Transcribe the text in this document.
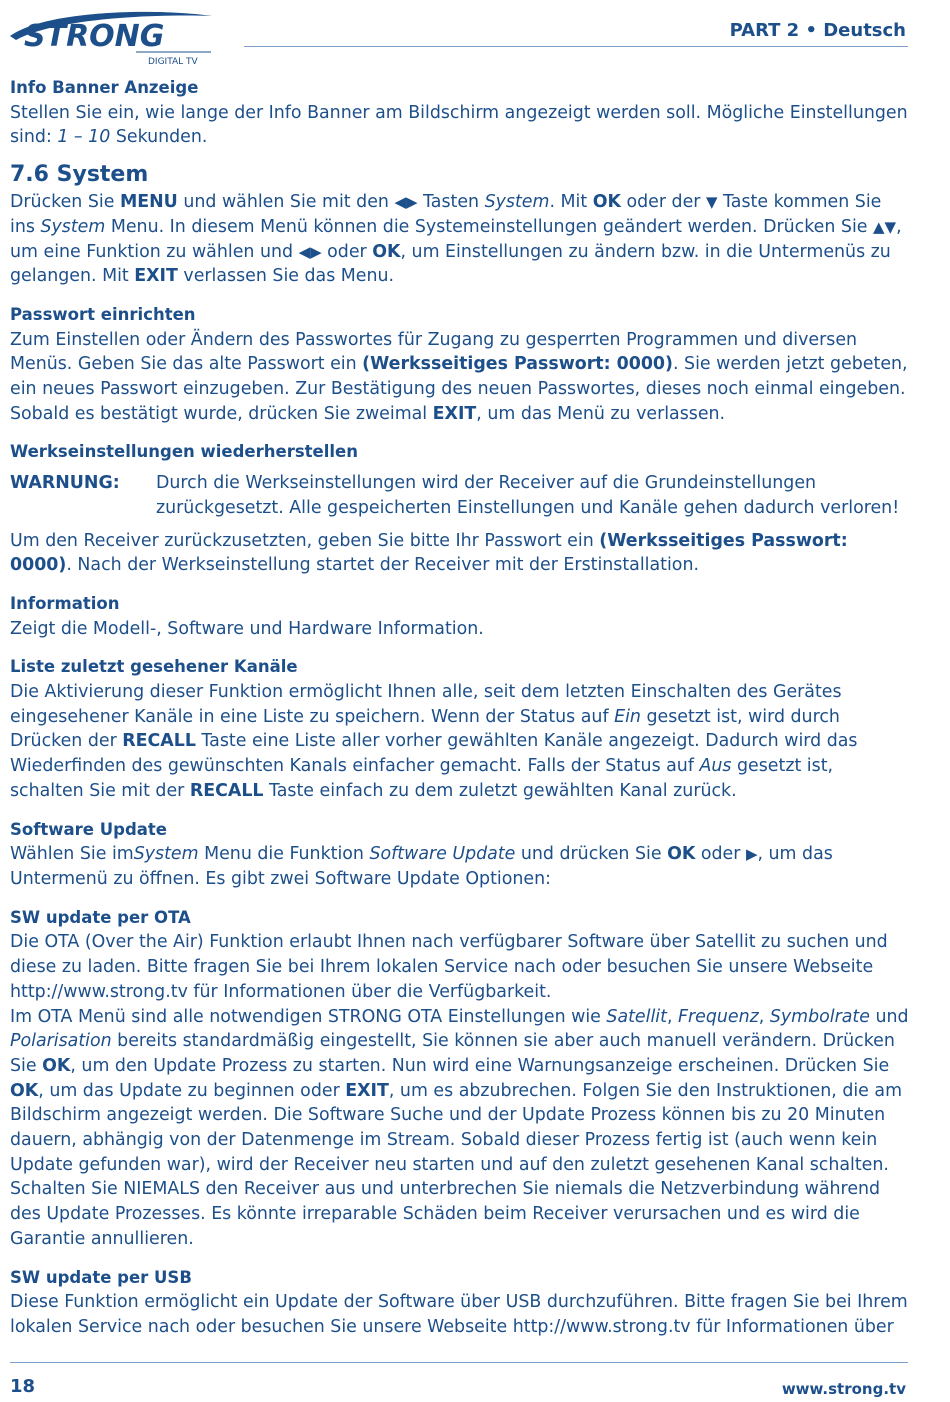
STRONG
DIGITAL TV
PART 2 • Deutsch

Info Banner Anzeige

Stellen Sie ein, wie lange der Info Banner am Bildschirm angezeigt werden soll. Mögliche Einstellungen sind: 1 – 10 Sekunden.

7.6 System

Drücken Sie MENU und wählen Sie mit den ◀▶ Tasten System. Mit OK oder der ▼ Taste kommen Sie ins System Menu. In diesem Menü können die Systemeinstellungen geändert werden. Drücken Sie ▲▼, um eine Funktion zu wählen und ◀▶ oder OK, um Einstellungen zu ändern bzw. in die Untermenüs zu gelangen. Mit EXIT verlassen Sie das Menu.

Passwort einrichten

Zum Einstellen oder Ändern des Passwortes für Zugang zu gesperrten Programmen und diversen Menüs. Geben Sie das alte Passwort ein (Werksseitiges Passwort: 0000). Sie werden jetzt gebeten, ein neues Passwort einzugeben. Zur Bestätigung des neuen Passwortes, dieses noch einmal eingeben. Sobald es bestätigt wurde, drücken Sie zweimal EXIT, um das Menü zu verlassen.

Werkseinstellungen wiederherstellen

WARNUNG:	Durch die Werkseinstellungen wird der Receiver auf die Grundeinstellungen zurückgesetzt. Alle gespeicherten Einstellungen und Kanäle gehen dadurch verloren!

Um den Receiver zurückzusetzten, geben Sie bitte Ihr Passwort ein (Werksseitiges Passwort: 0000). Nach der Werkseinstellung startet der Receiver mit der Erstinstallation.

Information

Zeigt die Modell-, Software und Hardware Information.

Liste zuletzt gesehener Kanäle

Die Aktivierung dieser Funktion ermöglicht Ihnen alle, seit dem letzten Einschalten des Gerätes eingesehener Kanäle in eine Liste zu speichern. Wenn der Status auf Ein gesetzt ist, wird durch Drücken der RECALL Taste eine Liste aller vorher gewählten Kanäle angezeigt. Dadurch wird das Wiederfinden des gewünschten Kanals einfacher gemacht. Falls der Status auf Aus gesetzt ist, schalten Sie mit der RECALL Taste einfach zu dem zuletzt gewählten Kanal zurück.

Software Update

Wählen Sie imSystem Menu die Funktion Software Update und drücken Sie OK oder ▶, um das Untermenü zu öffnen. Es gibt zwei Software Update Optionen:

SW update per OTA

Die OTA (Over the Air) Funktion erlaubt Ihnen nach verfügbarer Software über Satellit zu suchen und diese zu laden. Bitte fragen Sie bei Ihrem lokalen Service nach oder besuchen Sie unsere Webseite http://www.strong.tv für Informationen über die Verfügbarkeit.

Im OTA Menü sind alle notwendigen STRONG OTA Einstellungen wie Satellit, Frequenz, Symbolrate und Polarisation bereits standardmäßig eingestellt, Sie können sie aber auch manuell verändern. Drücken Sie OK, um den Update Prozess zu starten. Nun wird eine Warnungsanzeige erscheinen. Drücken Sie OK, um das Update zu beginnen oder EXIT, um es abzubrechen. Folgen Sie den Instruktionen, die am Bildschirm angezeigt werden. Die Software Suche und der Update Prozess können bis zu 20 Minuten dauern, abhängig von der Datenmenge im Stream. Sobald dieser Prozess fertig ist (auch wenn kein Update gefunden war), wird der Receiver neu starten und auf den zuletzt gesehenen Kanal schalten. Schalten Sie NIEMALS den Receiver aus und unterbrechen Sie niemals die Netzverbindung während des Update Prozesses. Es könnte irreparable Schäden beim Receiver verursachen und es wird die Garantie annullieren.

SW update per USB

Diese Funktion ermöglicht ein Update der Software über USB durchzuführen. Bitte fragen Sie bei Ihrem lokalen Service nach oder besuchen Sie unsere Webseite http://www.strong.tv für Informationen über

18	www.strong.tv
